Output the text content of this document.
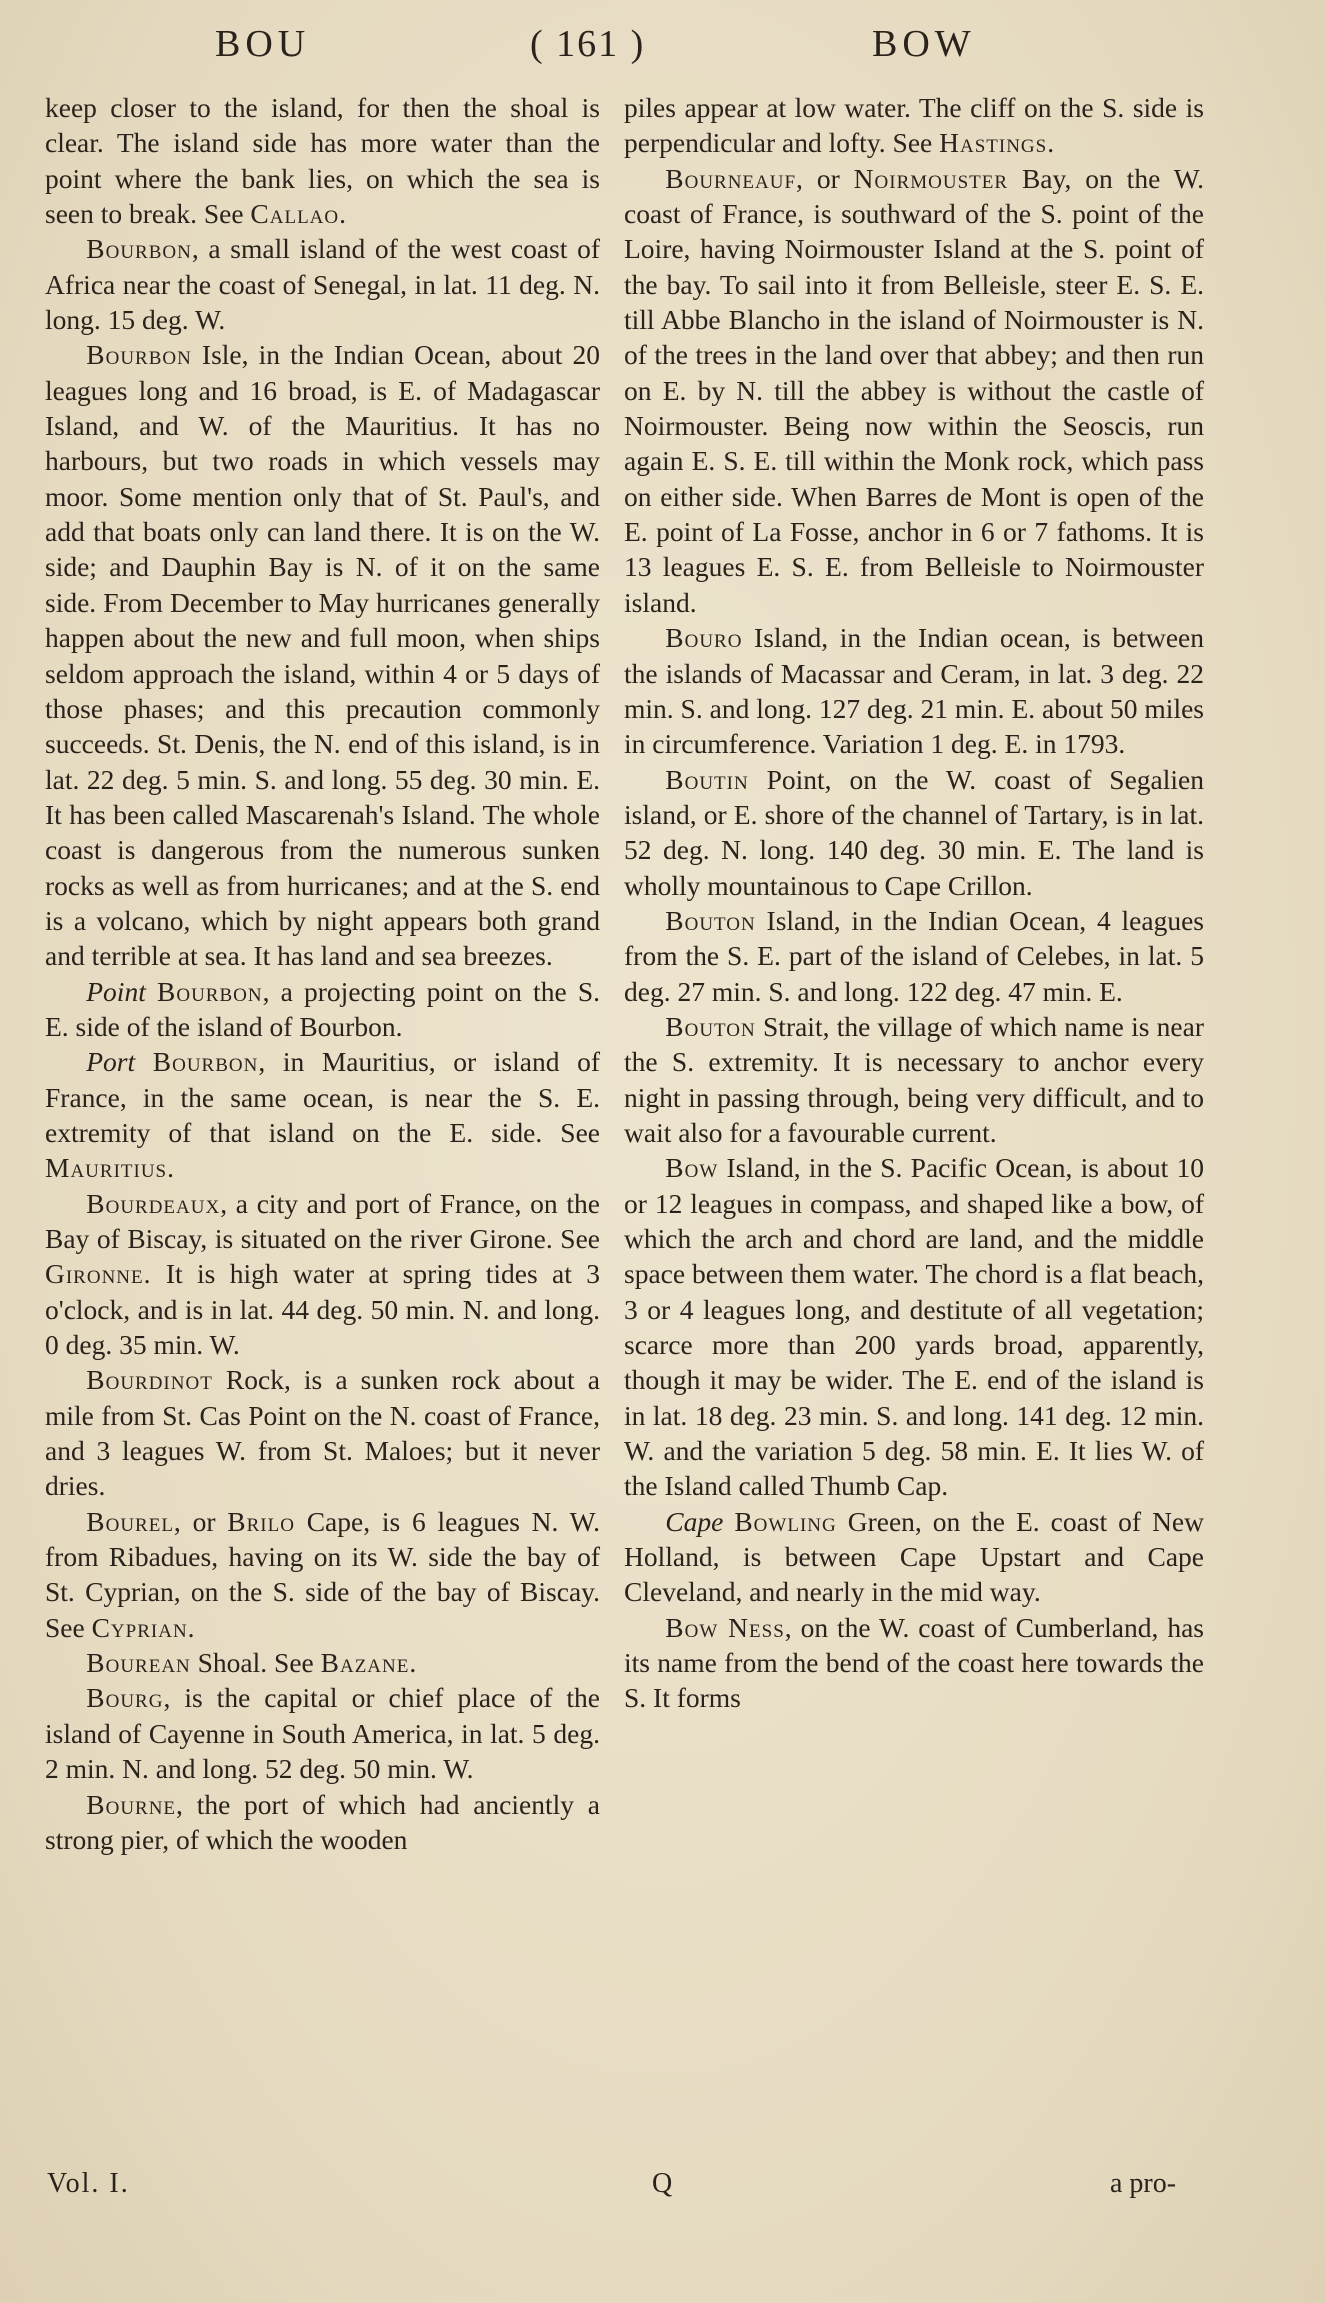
BOU	( 161 )	BOW

keep closer to the island, for then the shoal is clear. The island side has more water than the point where the bank lies, on which the sea is seen to break. See Callao.

Bourbon, a small island of the west coast of Africa near the coast of Senegal, in lat. 11 deg. N. long. 15 deg. W.

Bourbon Isle, in the Indian Ocean, about 20 leagues long and 16 broad, is E. of Madagascar Island, and W. of the Mauritius. It has no harbours, but two roads in which vessels may moor. Some mention only that of St. Paul's, and add that boats only can land there. It is on the W. side; and Dauphin Bay is N. of it on the same side. From December to May hurricanes generally happen about the new and full moon, when ships seldom approach the island, within 4 or 5 days of those phases; and this precaution commonly succeeds. St. Denis, the N. end of this island, is in lat. 22 deg. 5 min. S. and long. 55 deg. 30 min. E. It has been called Mascarenah's Island. The whole coast is dangerous from the numerous sunken rocks as well as from hurricanes; and at the S. end is a volcano, which by night appears both grand and terrible at sea. It has land and sea breezes.

Point Bourbon, a projecting point on the S. E. side of the island of Bourbon.

Port Bourbon, in Mauritius, or island of France, in the same ocean, is near the S. E. extremity of that island on the E. side. See Mauritius.

Bourdeaux, a city and port of France, on the Bay of Biscay, is situated on the river Girone. See Gironne. It is high water at spring tides at 3 o'clock, and is in lat. 44 deg. 50 min. N. and long. 0 deg. 35 min. W.

Bourdinot Rock, is a sunken rock about a mile from St. Cas Point on the N. coast of France, and 3 leagues W. from St. Maloes; but it never dries.

Bourel, or Brilo Cape, is 6 leagues N. W. from Ribadues, having on its W. side the bay of St. Cyprian, on the S. side of the bay of Biscay. See Cyprian.

Bourean Shoal. See Bazane.

Bourg, is the capital or chief place of the island of Cayenne in South America, in lat. 5 deg. 2 min. N. and long. 52 deg. 50 min. W.

Bourne, the port of which had anciently a strong pier, of which the wooden

piles appear at low water. The cliff on the S. side is perpendicular and lofty. See Hastings.

Bourneauf, or Noirmouster Bay, on the W. coast of France, is southward of the S. point of the Loire, having Noirmouster Island at the S. point of the bay. To sail into it from Belleisle, steer E. S. E. till Abbe Blancho in the island of Noirmouster is N. of the trees in the land over that abbey; and then run on E. by N. till the abbey is without the castle of Noirmouster. Being now within the Seoscis, run again E. S. E. till within the Monk rock, which pass on either side. When Barres de Mont is open of the E. point of La Fosse, anchor in 6 or 7 fathoms. It is 13 leagues E. S. E. from Belleisle to Noirmouster island.

Bouro Island, in the Indian ocean, is between the islands of Macassar and Ceram, in lat. 3 deg. 22 min. S. and long. 127 deg. 21 min. E. about 50 miles in circumference. Variation 1 deg. E. in 1793.

Boutin Point, on the W. coast of Segalien island, or E. shore of the channel of Tartary, is in lat. 52 deg. N. long. 140 deg. 30 min. E. The land is wholly mountainous to Cape Crillon.

Bouton Island, in the Indian Ocean, 4 leagues from the S. E. part of the island of Celebes, in lat. 5 deg. 27 min. S. and long. 122 deg. 47 min. E.

Bouton Strait, the village of which name is near the S. extremity. It is necessary to anchor every night in passing through, being very difficult, and to wait also for a favourable current.

Bow Island, in the S. Pacific Ocean, is about 10 or 12 leagues in compass, and shaped like a bow, of which the arch and chord are land, and the middle space between them water. The chord is a flat beach, 3 or 4 leagues long, and destitute of all vegetation; scarce more than 200 yards broad, apparently, though it may be wider. The E. end of the island is in lat. 18 deg. 23 min. S. and long. 141 deg. 12 min. W. and the variation 5 deg. 58 min. E. It lies W. of the Island called Thumb Cap.

Cape Bowling Green, on the E. coast of New Holland, is between Cape Upstart and Cape Cleveland, and nearly in the mid way.

Bow Ness, on the W. coast of Cumberland, has its name from the bend of the coast here towards the S. It forms

Vol. I.	Q	a pro-
